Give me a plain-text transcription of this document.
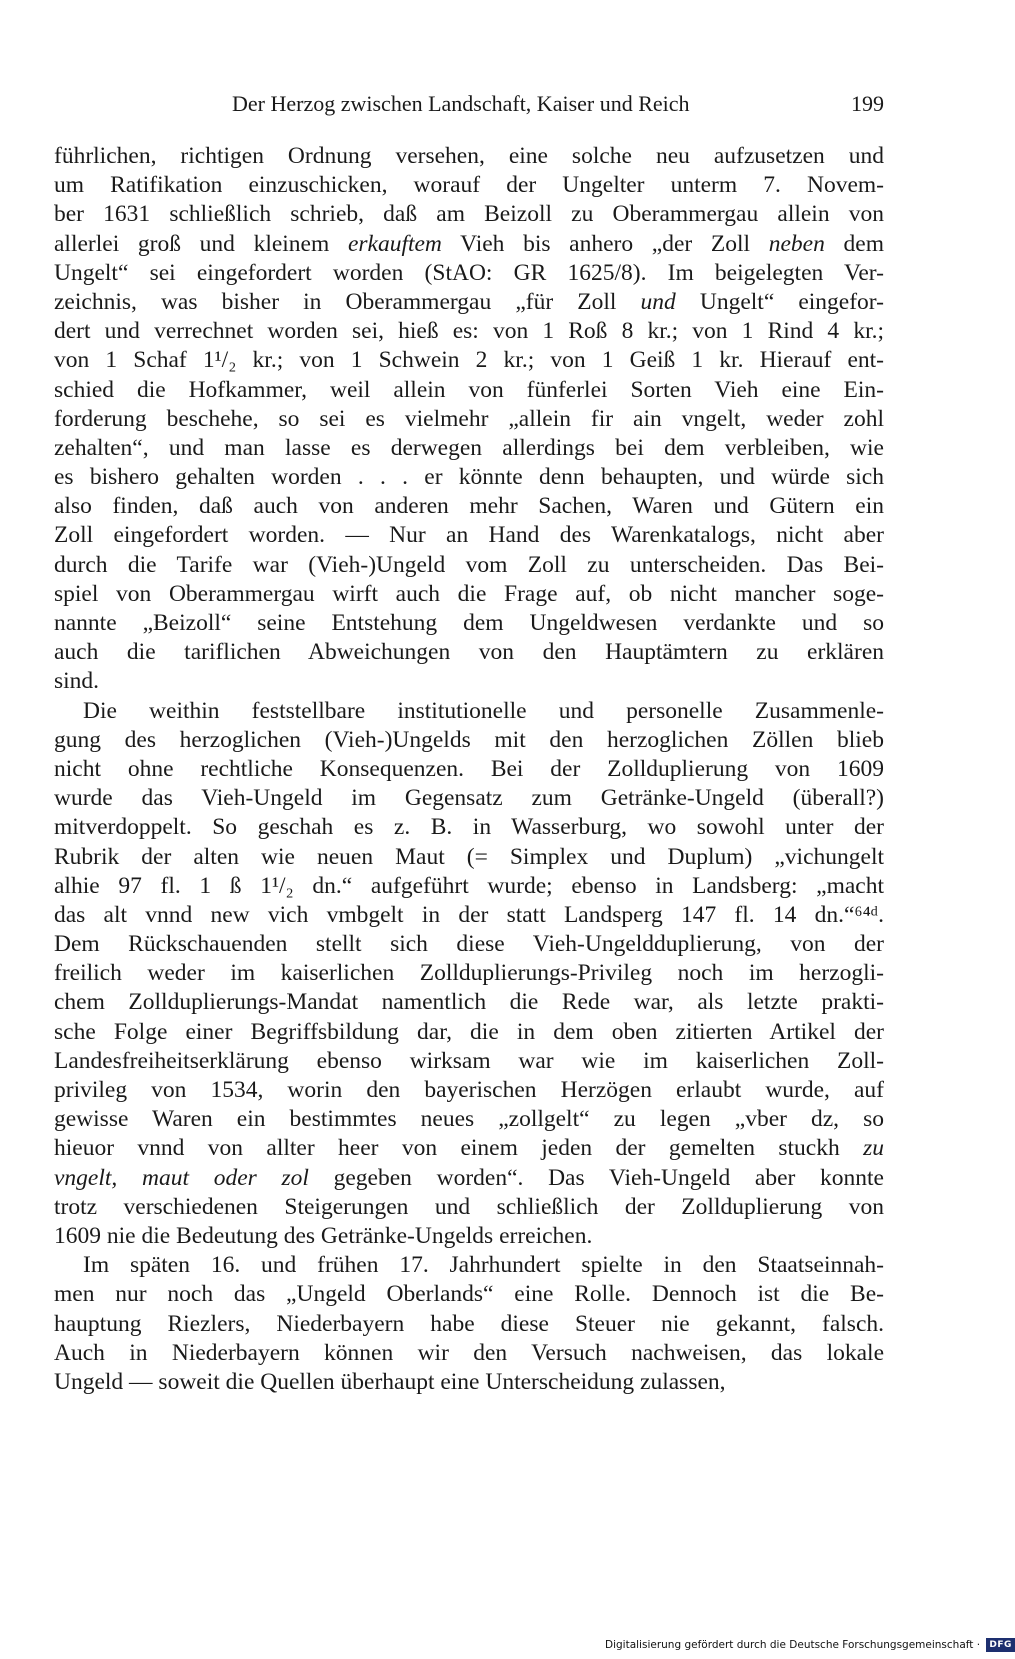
Der Herzog zwischen Landschaft, Kaiser und Reich	199
führlichen, richtigen Ordnung versehen, eine solche neu aufzusetzen und
um Ratifikation einzuschicken, worauf der Ungelter unterm 7. Novem-
ber 1631 schließlich schrieb, daß am Beizoll zu Oberammergau allein von
allerlei groß und kleinem erkauftem Vieh bis anhero „der Zoll neben dem
Ungelt“ sei eingefordert worden (StAO: GR 1625/8). Im beigelegten Ver-
zeichnis, was bisher in Oberammergau „für Zoll und Ungelt“ eingefor-
dert und verrechnet worden sei, hieß es: von 1 Roß 8 kr.; von 1 Rind 4 kr.;
von 1 Schaf 1¹/₂ kr.; von 1 Schwein 2 kr.; von 1 Geiß 1 kr. Hierauf ent-
schied die Hofkammer, weil allein von fünferlei Sorten Vieh eine Ein-
forderung beschehe, so sei es vielmehr „allein fir ain vngelt, weder zohl
zehalten“, und man lasse es derwegen allerdings bei dem verbleiben, wie
es bishero gehalten worden . . . er könnte denn behaupten, und würde sich
also finden, daß auch von anderen mehr Sachen, Waren und Gütern ein
Zoll eingefordert worden. — Nur an Hand des Warenkatalogs, nicht aber
durch die Tarife war (Vieh-)Ungeld vom Zoll zu unterscheiden. Das Bei-
spiel von Oberammergau wirft auch die Frage auf, ob nicht mancher soge-
nannte „Beizoll“ seine Entstehung dem Ungeldwesen verdankte und so
auch die tariflichen Abweichungen von den Hauptämtern zu erklären
sind.
Die weithin feststellbare institutionelle und personelle Zusammenle-
gung des herzoglichen (Vieh-)Ungelds mit den herzoglichen Zöllen blieb
nicht ohne rechtliche Konsequenzen. Bei der Zollduplierung von 1609
wurde das Vieh-Ungeld im Gegensatz zum Getränke-Ungeld (überall?)
mitverdoppelt. So geschah es z. B. in Wasserburg, wo sowohl unter der
Rubrik der alten wie neuen Maut (= Simplex und Duplum) „vichungelt
alhie 97 fl. 1 ß 1¹/₂ dn.“ aufgeführt wurde; ebenso in Landsberg: „macht
das alt vnnd new vich vmbgelt in der statt Landsperg 147 fl. 14 dn.“⁶⁴ᵈ.
Dem Rückschauenden stellt sich diese Vieh-Ungeldduplierung, von der
freilich weder im kaiserlichen Zollduplierungs-Privileg noch im herzogli-
chem Zollduplierungs-Mandat namentlich die Rede war, als letzte prakti-
sche Folge einer Begriffsbildung dar, die in dem oben zitierten Artikel der
Landesfreiheitserklärung ebenso wirksam war wie im kaiserlichen Zoll-
privileg von 1534, worin den bayerischen Herzögen erlaubt wurde, auf
gewisse Waren ein bestimmtes neues „zollgelt“ zu legen „vber dz, so
hieuor vnnd von allter heer von einem jeden der gemelten stuckh zu
vngelt, maut oder zol gegeben worden“. Das Vieh-Ungeld aber konnte
trotz verschiedenen Steigerungen und schließlich der Zollduplierung von
1609 nie die Bedeutung des Getränke-Ungelds erreichen.
Im späten 16. und frühen 17. Jahrhundert spielte in den Staatseinnah-
men nur noch das „Ungeld Oberlands“ eine Rolle. Dennoch ist die Be-
hauptung Riezlers, Niederbayern habe diese Steuer nie gekannt, falsch.
Auch in Niederbayern können wir den Versuch nachweisen, das lokale
Ungeld — soweit die Quellen überhaupt eine Unterscheidung zulassen,
Digitalisierung gefördert durch die Deutsche Forschungsgemeinschaft · DFG
